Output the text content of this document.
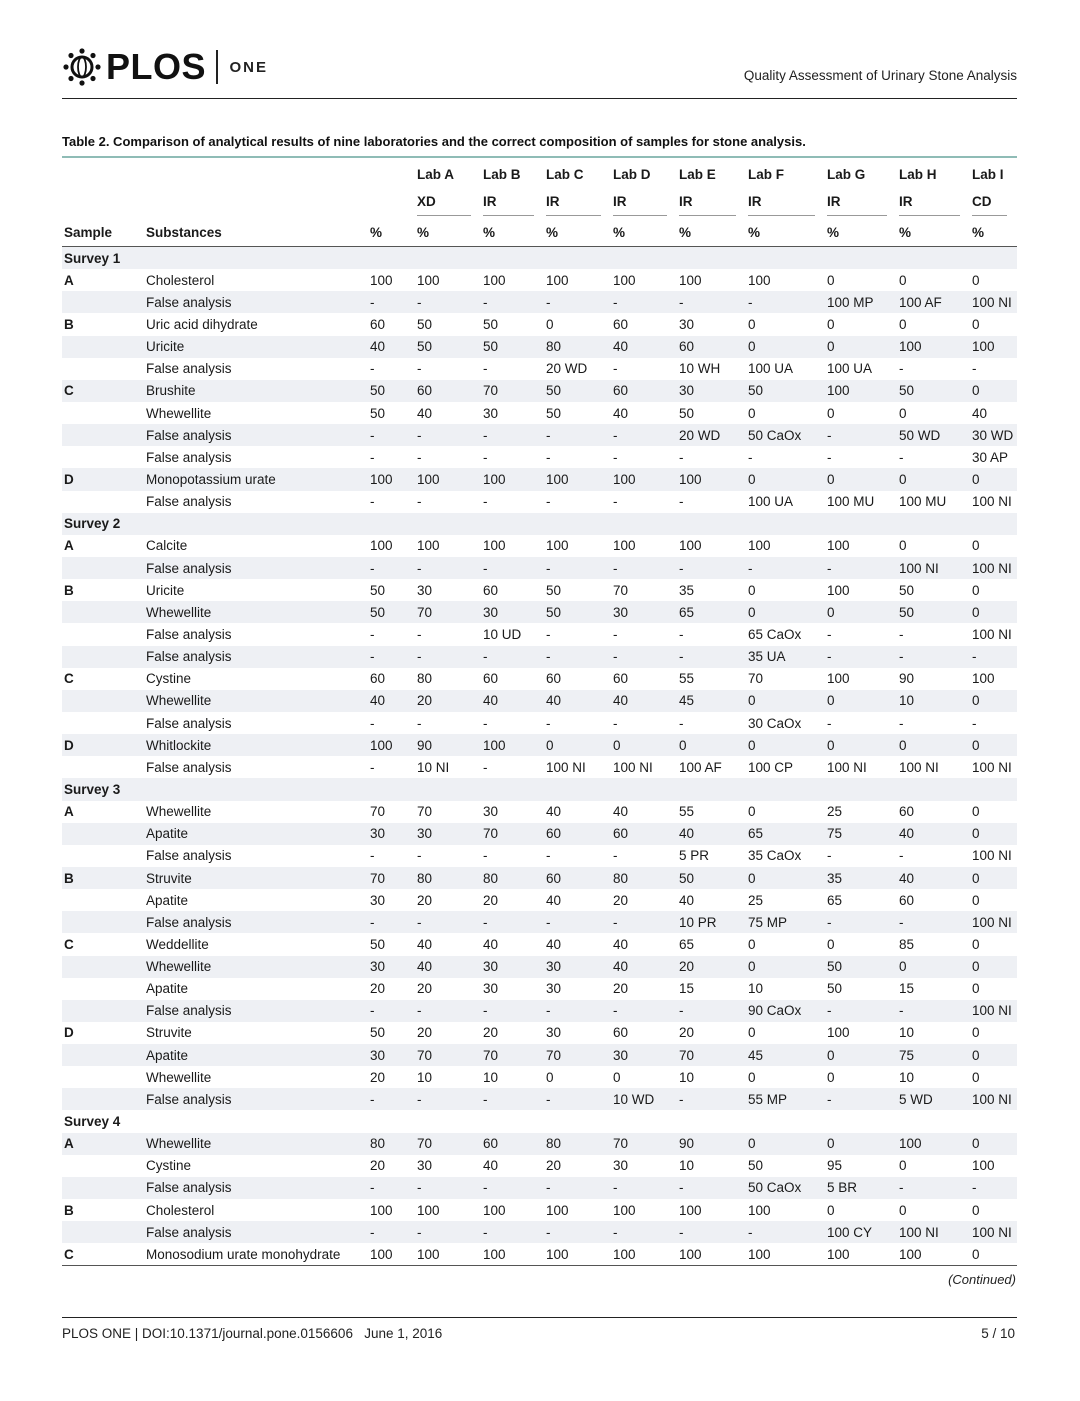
PLOS ONE	Quality Assessment of Urinary Stone Analysis
Table 2. Comparison of analytical results of nine laboratories and the correct composition of samples for stone analysis.

			Lab A	Lab B	Lab C	Lab D	Lab E	Lab F	Lab G	Lab H	Lab I

			XD	IR	IR	IR	IR	IR	IR	IR	CD

Sample	Substances	%	%	%	%	%	%	%	%	%	%
Survey 1											
A	Cholesterol	100	100	100	100	100	100	100	0	0	0
	False analysis	-	-	-	-	-	-	-	100 MP	100 AF	100 NI
B	Uric acid dihydrate	60	50	50	0	60	30	0	0	0	0
	Uricite	40	50	50	80	40	60	0	0	100	100
	False analysis	-	-	-	20 WD	-	10 WH	100 UA	100 UA	-	-
C	Brushite	50	60	70	50	60	30	50	100	50	0
	Whewellite	50	40	30	50	40	50	0	0	0	40
	False analysis	-	-	-	-	-	20 WD	50 CaOx	-	50 WD	30 WD
	False analysis	-	-	-	-	-	-	-	-	-	30 AP
D	Monopotassium urate	100	100	100	100	100	100	0	0	0	0
	False analysis	-	-	-	-	-	-	100 UA	100 MU	100 MU	100 NI
Survey 2											
A	Calcite	100	100	100	100	100	100	100	100	0	0
	False analysis	-	-	-	-	-	-	-	-	100 NI	100 NI
B	Uricite	50	30	60	50	70	35	0	100	50	0
	Whewellite	50	70	30	50	30	65	0	0	50	0
	False analysis	-	-	10 UD	-	-	-	65 CaOx	-	-	100 NI
	False analysis	-	-	-	-	-	-	35 UA	-	-	-
C	Cystine	60	80	60	60	60	55	70	100	90	100
	Whewellite	40	20	40	40	40	45	0	0	10	0
	False analysis	-	-	-	-	-	-	30 CaOx	-	-	-
D	Whitlockite	100	90	100	0	0	0	0	0	0	0
	False analysis	-	10 NI	-	100 NI	100 NI	100 AF	100 CP	100 NI	100 NI	100 NI
Survey 3											
A	Whewellite	70	70	30	40	40	55	0	25	60	0
	Apatite	30	30	70	60	60	40	65	75	40	0
	False analysis	-	-	-	-	-	5 PR	35 CaOx	-	-	100 NI
B	Struvite	70	80	80	60	80	50	0	35	40	0
	Apatite	30	20	20	40	20	40	25	65	60	0
	False analysis	-	-	-	-	-	10 PR	75 MP	-	-	100 NI
C	Weddellite	50	40	40	40	40	65	0	0	85	0
	Whewellite	30	40	30	30	40	20	0	50	0	0
	Apatite	20	20	30	30	20	15	10	50	15	0
	False analysis	-	-	-	-	-	-	90 CaOx	-	-	100 NI
D	Struvite	50	20	20	30	60	20	0	100	10	0
	Apatite	30	70	70	70	30	70	45	0	75	0
	Whewellite	20	10	10	0	0	10	0	0	10	0
	False analysis	-	-	-	-	10 WD	-	55 MP	-	5 WD	100 NI
Survey 4											
A	Whewellite	80	70	60	80	70	90	0	0	100	0
	Cystine	20	30	40	20	30	10	50	95	0	100
	False analysis	-	-	-	-	-	-	50 CaOx	5 BR	-	-
B	Cholesterol	100	100	100	100	100	100	100	0	0	0
	False analysis	-	-	-	-	-	-	-	100 CY	100 NI	100 NI
C	Monosodium urate monohydrate	100	100	100	100	100	100	100	100	100	0
(Continued)
PLOS ONE | DOI:10.1371/journal.pone.0156606   June 1, 2016	5 / 10
